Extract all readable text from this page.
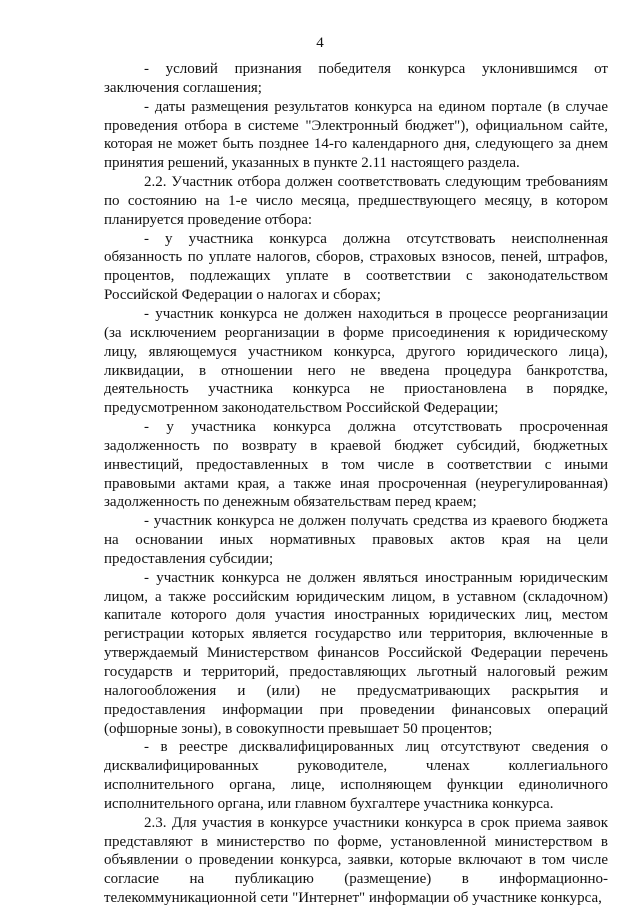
4

- условий признания победителя конкурса уклонившимся от заключения соглашения;

- даты размещения результатов конкурса на едином портале (в случае проведения отбора в системе "Электронный бюджет"), официальном сайте, которая не может быть позднее 14-го календарного дня, следующего за днем принятия решений, указанных в пункте 2.11 настоящего раздела.

2.2. Участник отбора должен соответствовать следующим требованиям по состоянию на 1-е число месяца, предшествующего месяцу, в котором планируется проведение отбора:

- у участника конкурса должна отсутствовать неисполненная обязанность по уплате налогов, сборов, страховых взносов, пеней, штрафов, процентов, подлежащих уплате в соответствии с законодательством Российской Федерации о налогах и сборах;

- участник конкурса не должен находиться в процессе реорганизации (за исключением реорганизации в форме присоединения к юридическому лицу, являющемуся участником конкурса, другого юридического лица), ликвидации, в отношении него не введена процедура банкротства, деятельность участника конкурса не приостановлена в порядке, предусмотренном законодательством Российской Федерации;

- у участника конкурса должна отсутствовать просроченная задолженность по возврату в краевой бюджет субсидий, бюджетных инвестиций, предоставленных в том числе в соответствии с иными правовыми актами края, а также иная просроченная (неурегулированная) задолженность по денежным обязательствам перед краем;

- участник конкурса не должен получать средства из краевого бюджета на основании иных нормативных правовых актов края на цели предоставления субсидии;

- участник конкурса не должен являться иностранным юридическим лицом, а также российским юридическим лицом, в уставном (складочном) капитале которого доля участия иностранных юридических лиц, местом регистрации которых является государство или территория, включенные в утверждаемый Министерством финансов Российской Федерации перечень государств и территорий, предоставляющих льготный налоговый режим налогообложения и (или) не предусматривающих раскрытия и предоставления информации при проведении финансовых операций (офшорные зоны), в совокупности превышает 50 процентов;

- в реестре дисквалифицированных лиц отсутствуют сведения о дисквалифицированных руководителе, членах коллегиального исполнительного органа, лице, исполняющем функции единоличного исполнительного органа, или главном бухгалтере участника конкурса.

2.3. Для участия в конкурсе участники конкурса в срок приема заявок представляют в министерство по форме, установленной министерством в объявлении о проведении конкурса, заявки, которые включают в том числе согласие на публикацию (размещение) в информационно-телекоммуникационной сети "Интернет" информации об участнике конкурса,
